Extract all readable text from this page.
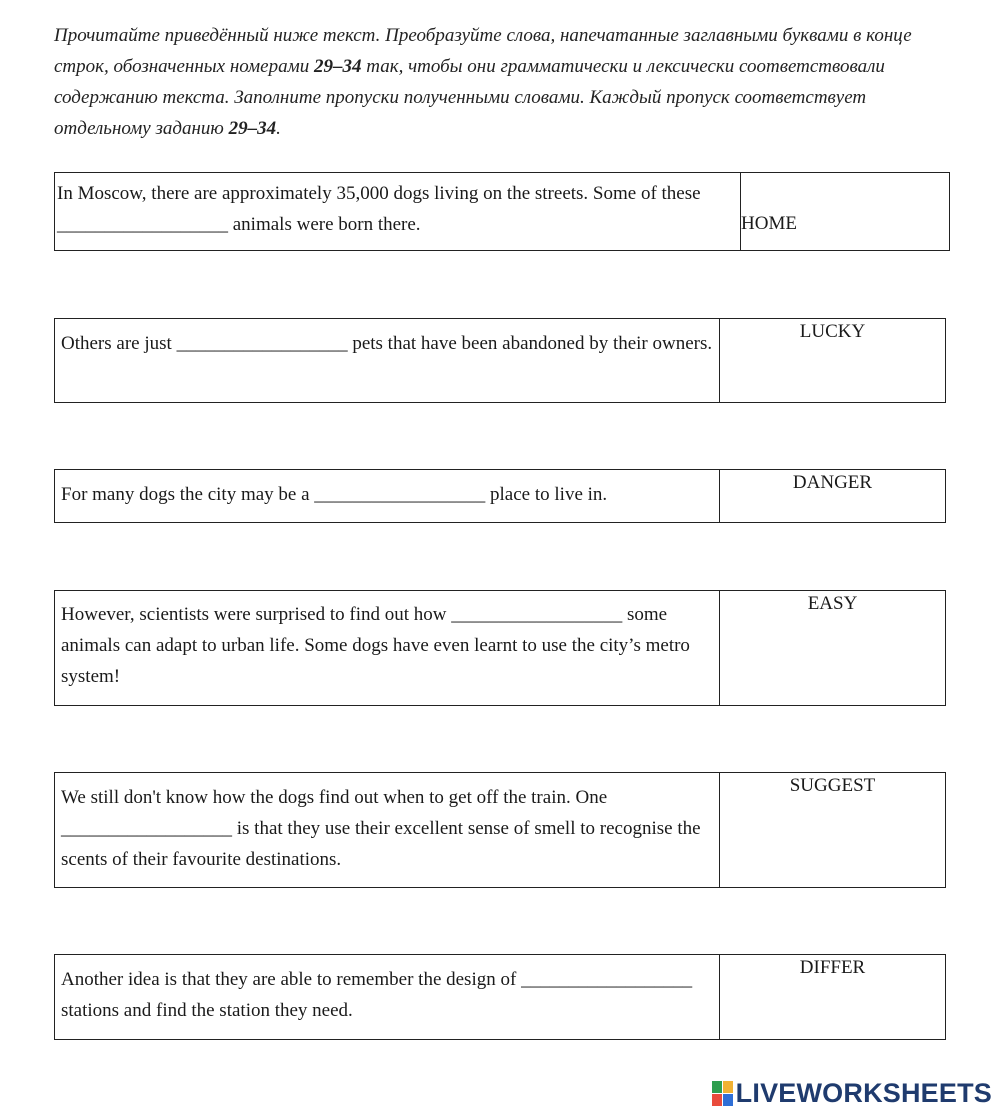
Прочитайте приведённый ниже текст. Преобразуйте слова, напечатанные заглавными буквами в конце строк, обозначенных номерами 29–34 так, чтобы они грамматически и лексически соответствовали содержанию текста. Заполните пропуски полученными словами. Каждый пропуск соответствует отдельному заданию 29–34.
In Moscow, there are approximately 35,000 dogs living on the streets. Some of these __________________ animals were born there.	HOME
Others are just __________________ pets that have been abandoned by their owners.
LUCKY
For many dogs the city may be a __________________ place to live in.
DANGER
However, scientists were surprised to find out how __________________ some animals can adapt to urban life. Some dogs have even learnt to use the city’s metro system!
EASY
We still don't know how the dogs find out when to get off the train. One__________________ is that they use their excellent sense of smell to recognise the scents of their favourite destinations.
SUGGEST
Another idea is that they are able to remember the design of __________________ stations and find the station they need.
DIFFER
LIVEWORKSHEETS
